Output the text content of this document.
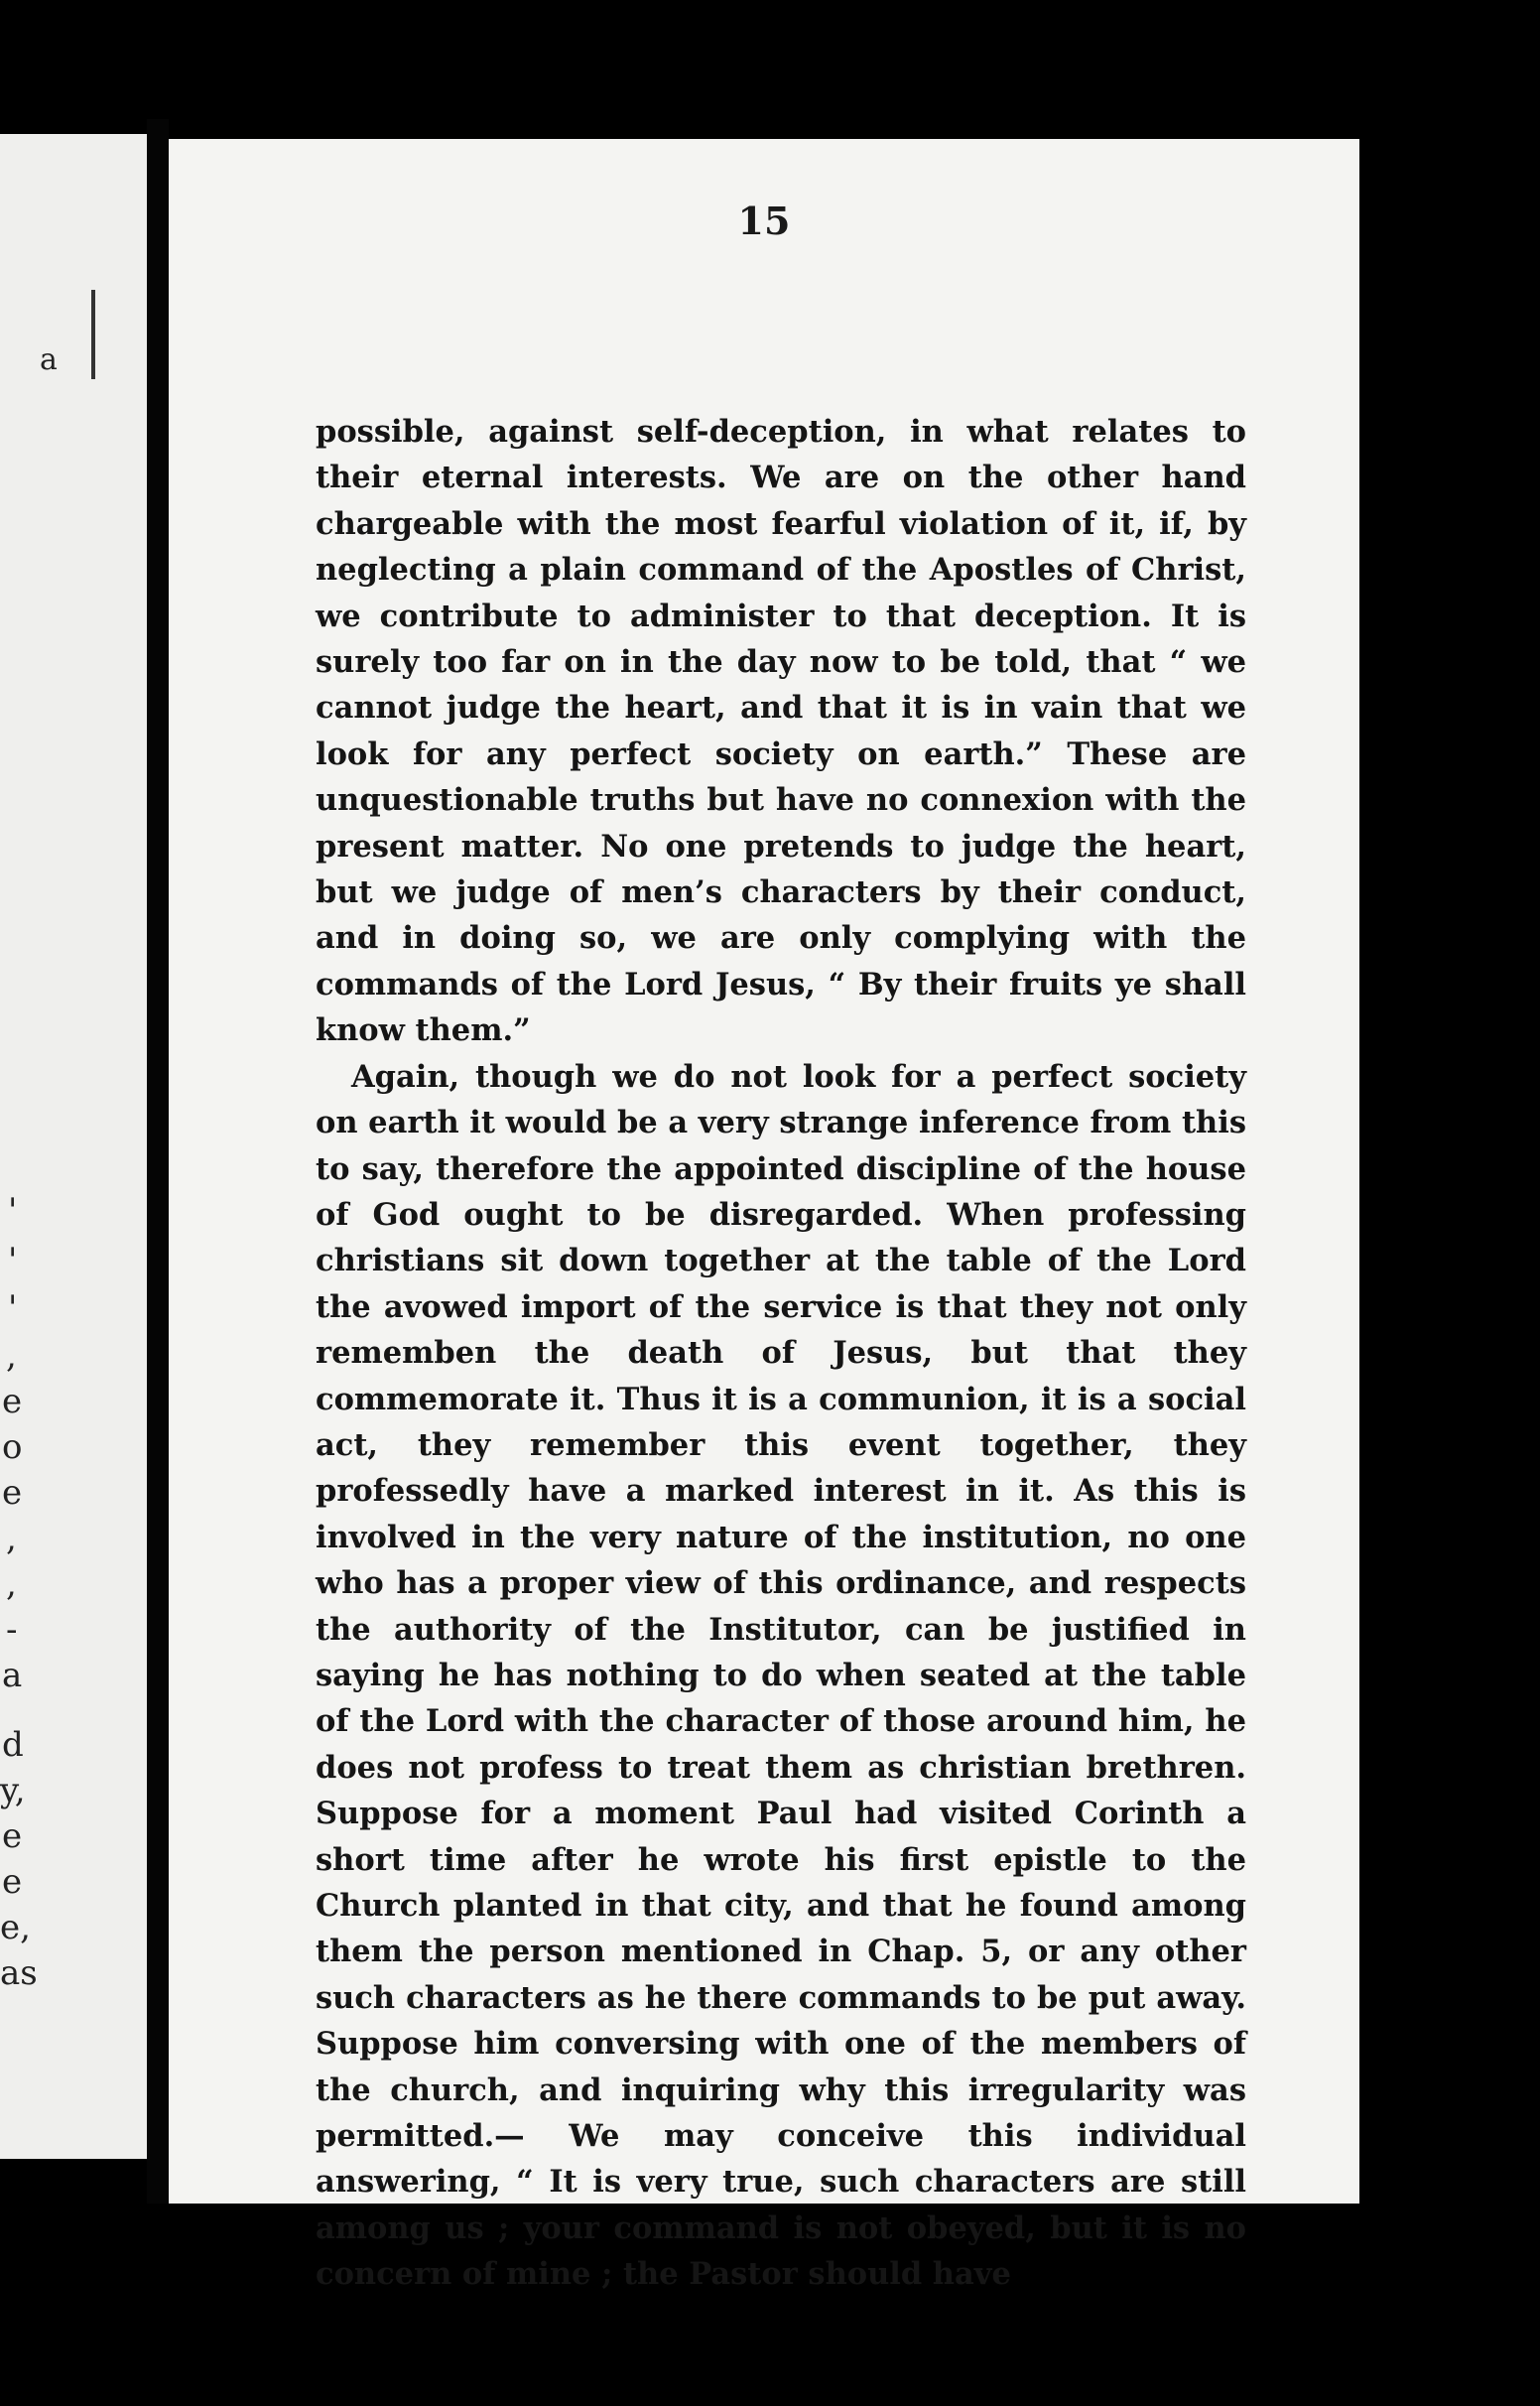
a
'
'
'
,
e
o
e
,
,
-
a
d
y,
e
e
e,
as
15

possible, against self-deception, in what relates to their eternal interests. We are on the other hand chargeable with the most fearful violation of it, if, by neglecting a plain command of the Apostles of Christ, we contribute to administer to that deception. It is surely too far on in the day now to be told, that “ we cannot judge the heart, and that it is in vain that we look for any perfect society on earth.” These are unquestionable truths but have no connexion with the present matter. No one pretends to judge the heart, but we judge of men’s characters by their conduct, and in doing so, we are only complying with the commands of the Lord Jesus, “ By their fruits ye shall know them.”

Again, though we do not look for a perfect society on earth it would be a very strange inference from this to say, therefore the appointed discipline of the house of God ought to be disregarded. When professing christians sit down together at the table of the Lord the avowed import of the service is that they not only rememben the death of Jesus, but that they commemorate it. Thus it is a communion, it is a social act, they remember this event together, they professedly have a marked interest in it. As this is involved in the very nature of the institution, no one who has a proper view of this ordinance, and respects the authority of the Institutor, can be justified in saying he has nothing to do when seated at the table of the Lord with the character of those around him, he does not profess to treat them as christian brethren. Suppose for a moment Paul had visited Corinth a short time after he wrote his first epistle to the Church planted in that city, and that he found among them the person mentioned in Chap. 5, or any other such characters as he there commands to be put away. Suppose him conversing with one of the members of the church, and inquiring why this irregularity was permitted.— We may conceive this individual answering, “ It is very true, such characters are still among us ; your command is not obeyed, but it is no concern of mine ; the Pastor should have
